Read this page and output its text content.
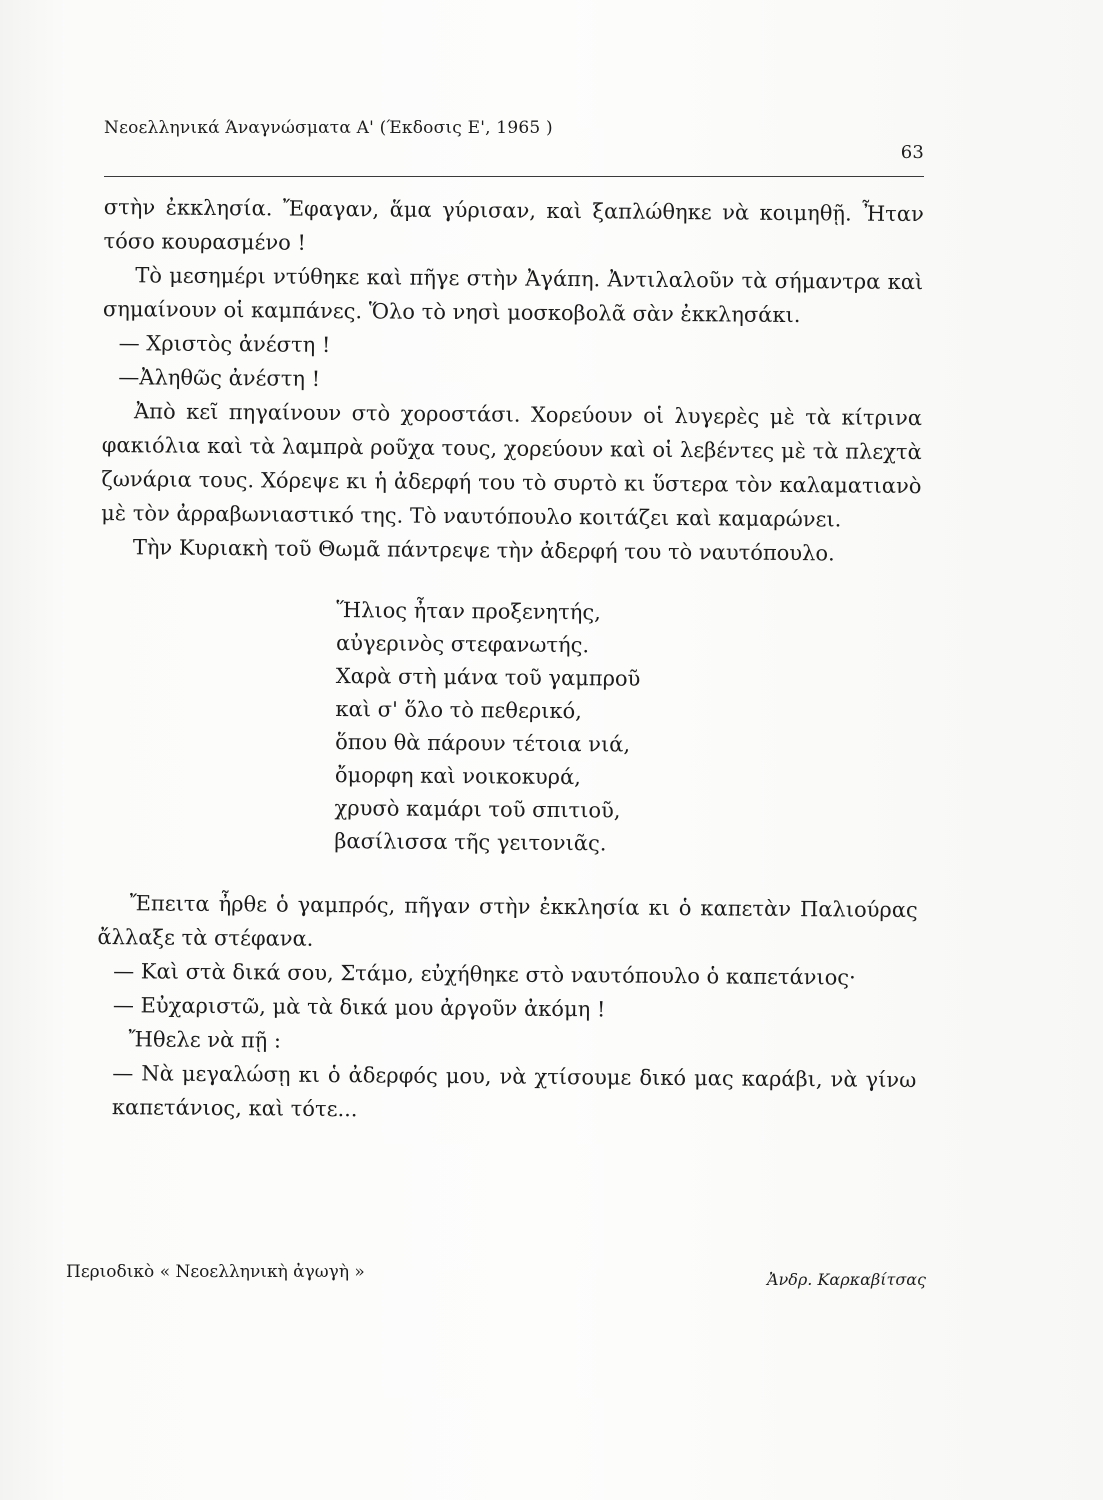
Νεοελληνικά Άναγνώσματα Α' (Έκδοσις Ε', 1965 )
63

στὴν ἐκκλησία. Ἔφαγαν, ἅμα γύρισαν, καὶ ξαπλώθηκε νὰ κοιμηθῇ. Ἦταν τόσο κουρασμένο !

Τὸ μεσημέρι ντύθηκε καὶ πῆγε στὴν Ἀγάπη. Ἀντιλαλοῦν τὰ σήμαντρα καὶ σημαίνουν οἱ καμπάνες. Ὅλο τὸ νησὶ μοσκοβολᾶ σὰν ἐκκλησάκι.

— Χριστὸς ἀνέστη !

—Ἀληθῶς ἀνέστη !

Ἀπὸ κεῖ πηγαίνουν στὸ χοροστάσι. Χορεύουν οἱ λυγερὲς μὲ τὰ κίτρινα φακιόλια καὶ τὰ λαμπρὰ ροῦχα τους, χορεύουν καὶ οἱ λεβέντες μὲ τὰ πλεχτὰ ζωνάρια τους. Χόρεψε κι ἡ ἀδερφή του τὸ συρτὸ κι ὕστερα τὸν καλαματιανὸ μὲ τὸν ἀρραβωνιαστικό της. Τὸ ναυτόπουλο κοιτάζει καὶ καμαρώνει.

Τὴν Κυριακὴ τοῦ Θωμᾶ πάντρεψε τὴν ἀδερφή του τὸ ναυτόπουλο.

Ἥλιος ἦταν προξενητής,
αὐγερινὸς στεφανωτής.
Χαρὰ στὴ μάνα τοῦ γαμπροῦ
καὶ σ' ὅλο τὸ πεθερικό,
ὅπου θὰ πάρουν τέτοια νιά,
ὄμορφη καὶ νοικοκυρά,
χρυσὸ καμάρι τοῦ σπιτιοῦ,
βασίλισσα τῆς γειτονιᾶς.

Ἔπειτα ἦρθε ὁ γαμπρός, πῆγαν στὴν ἐκκλησία κι ὁ καπετὰν Παλιούρας ἄλλαξε τὰ στέφανα.

— Καὶ στὰ δικά σου, Στάμο, εὐχήθηκε στὸ ναυτόπουλο ὁ καπετάνιος·

— Εὐχαριστῶ, μὰ τὰ δικά μου ἀργοῦν ἀκόμη !

Ἤθελε νὰ πῇ :

— Νὰ μεγαλώσῃ κι ὁ ἀδερφός μου, νὰ χτίσουμε δικό μας καράβι, νὰ γίνω καπετάνιος, καὶ τότε...

Περιοδικὸ « Νεοελληνικὴ ἀγωγὴ »	Ἀνδρ. Καρκαβίτσας
